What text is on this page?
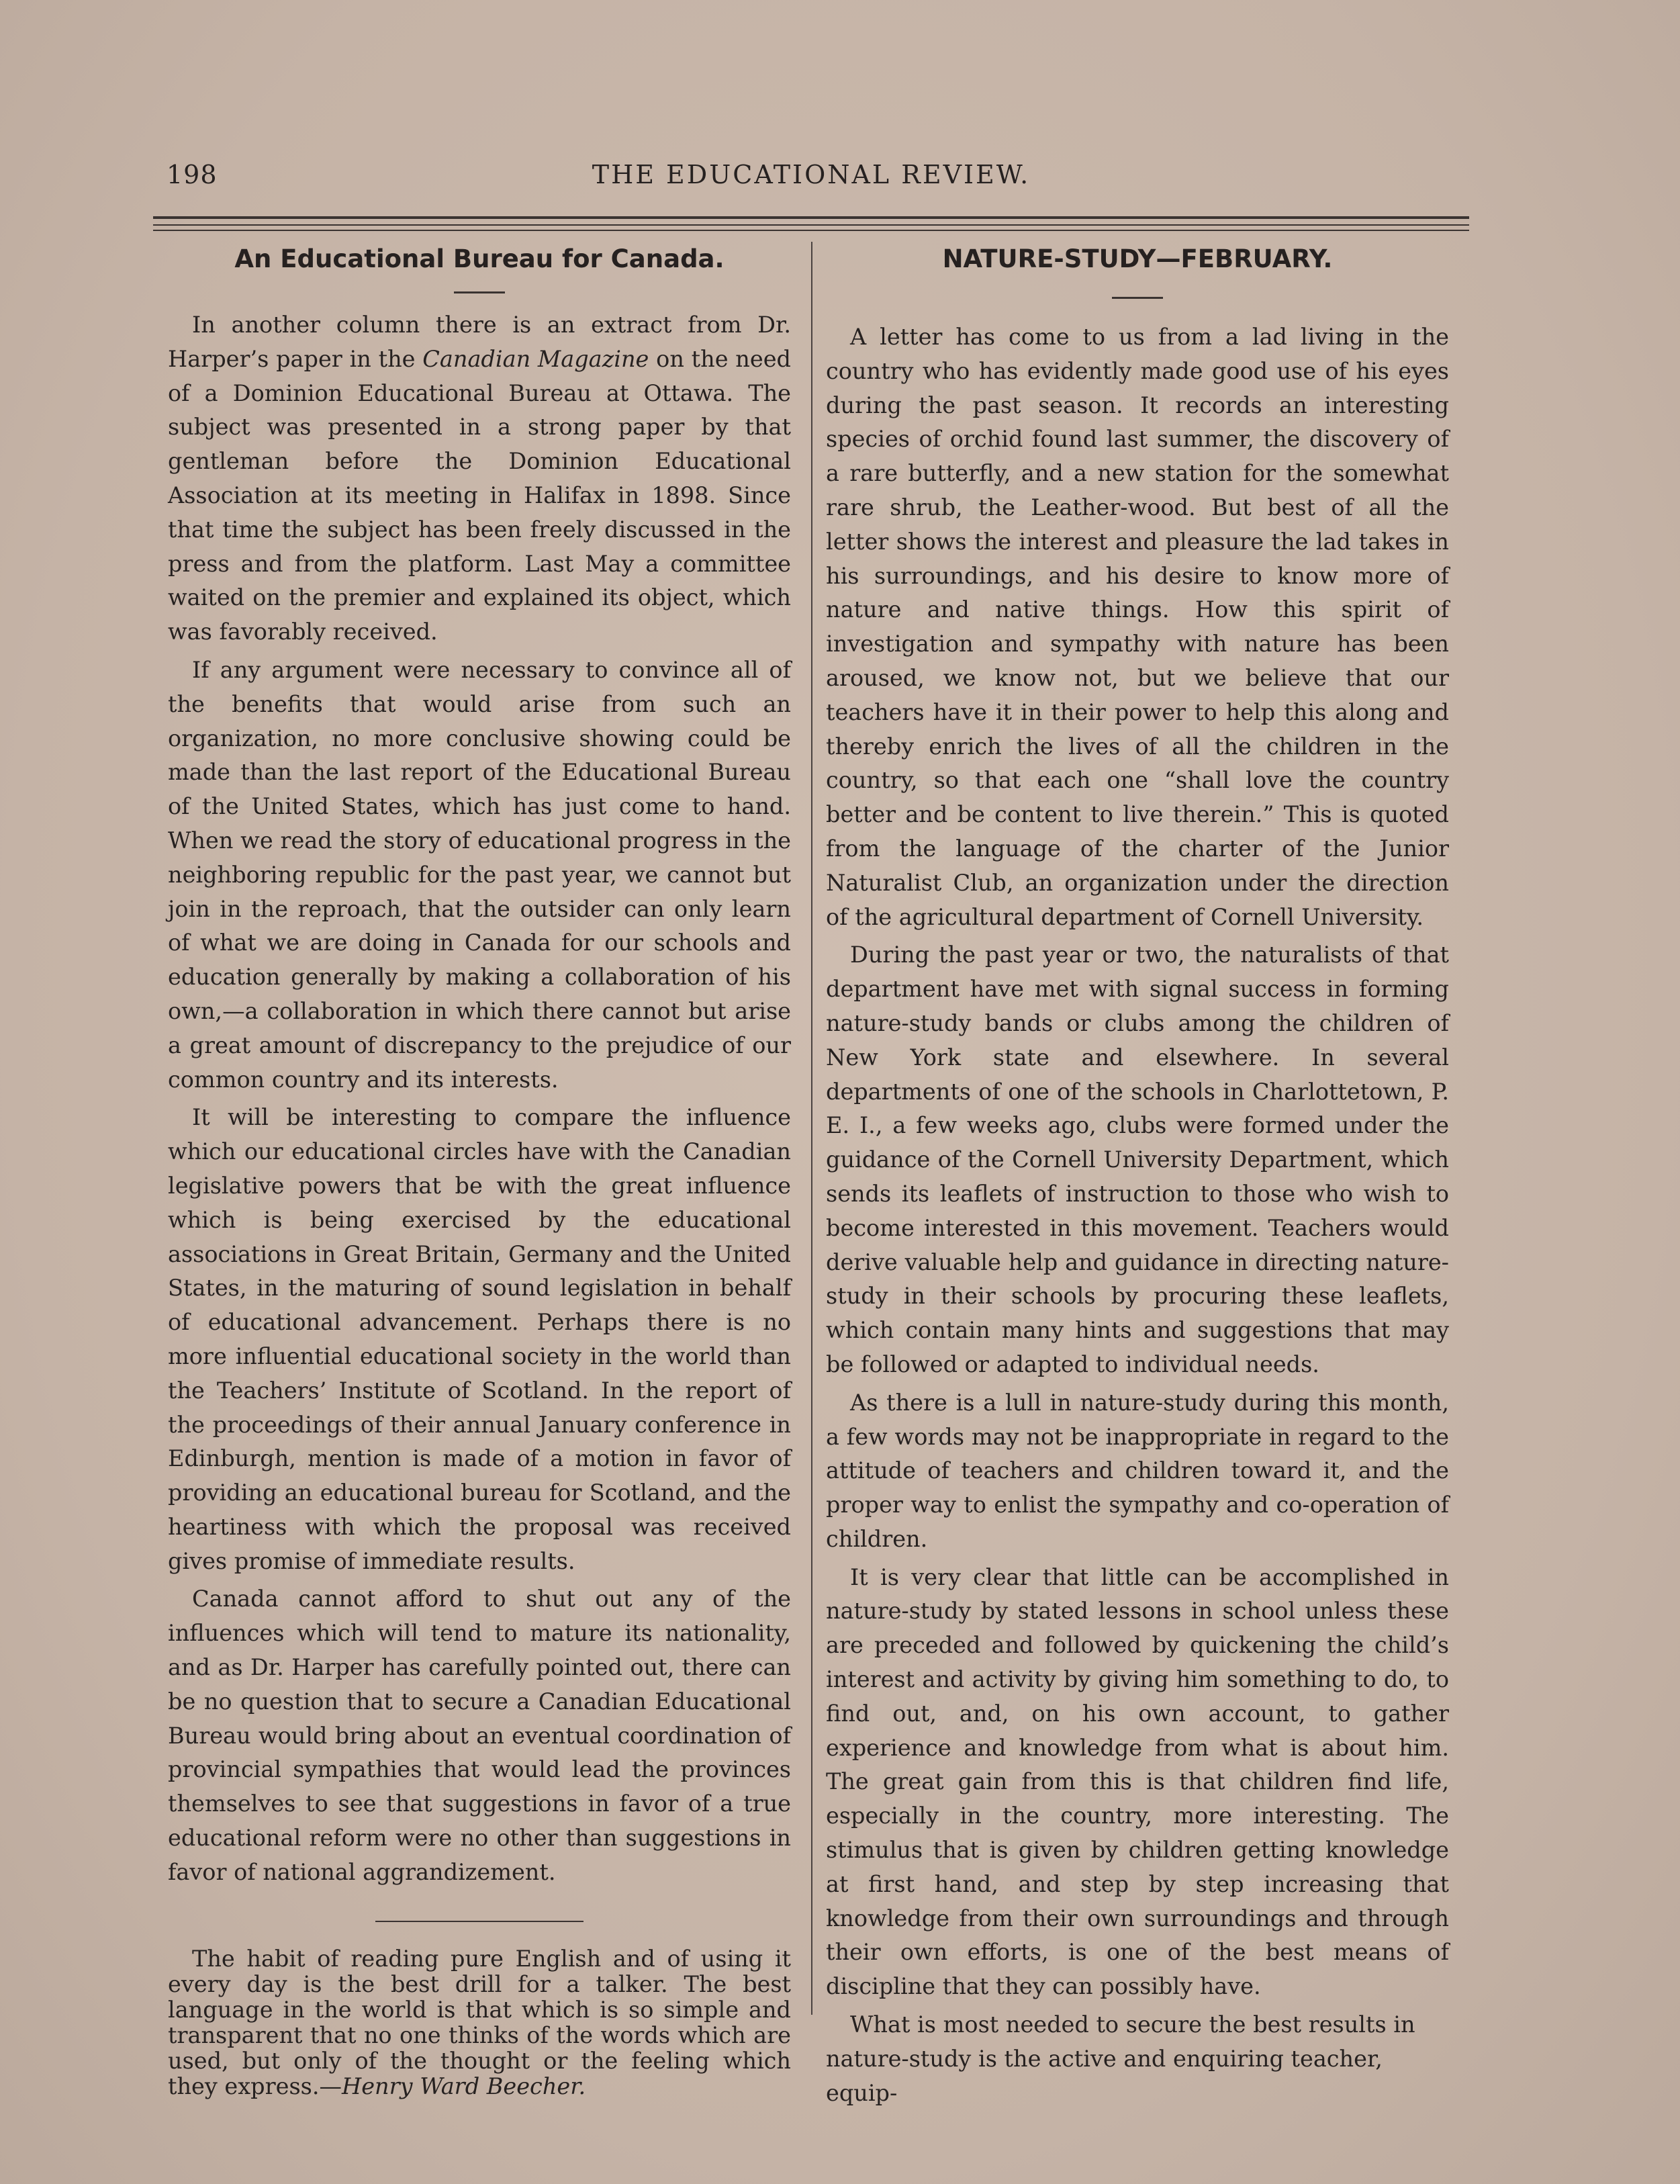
198	THE EDUCATIONAL REVIEW.
An Educational Bureau for Canada.

In another column there is an extract from Dr. Harper’s paper in the Canadian Magazine on the need of a Dominion Educational Bureau at Ottawa. The subject was presented in a strong paper by that gentleman before the Dominion Educational Association at its meeting in Halifax in 1898. Since that time the subject has been freely discussed in the press and from the platform. Last May a committee waited on the premier and explained its object, which was favorably received.

If any argument were necessary to convince all of the benefits that would arise from such an organization, no more conclusive showing could be made than the last report of the Educational Bureau of the United States, which has just come to hand. When we read the story of educational progress in the neighboring republic for the past year, we cannot but join in the reproach, that the outsider can only learn of what we are doing in Canada for our schools and education generally by making a collaboration of his own,—a collaboration in which there cannot but arise a great amount of discrepancy to the prejudice of our common country and its interests.

It will be interesting to compare the influence which our educational circles have with the Canadian legislative powers that be with the great influence which is being exercised by the educational associations in Great Britain, Germany and the United States, in the maturing of sound legislation in behalf of educational advancement. Perhaps there is no more influential educational society in the world than the Teachers’ Institute of Scotland. In the report of the proceedings of their annual January conference in Edinburgh, mention is made of a motion in favor of providing an educational bureau for Scotland, and the heartiness with which the proposal was received gives promise of immediate results.

Canada cannot afford to shut out any of the influences which will tend to mature its nationality, and as Dr. Harper has carefully pointed out, there can be no question that to secure a Canadian Educational Bureau would bring about an eventual coordination of provincial sympathies that would lead the provinces themselves to see that suggestions in favor of a true educational reform were no other than suggestions in favor of national aggrandizement.

The habit of reading pure English and of using it every day is the best drill for a talker. The best language in the world is that which is so simple and transparent that no one thinks of the words which are used, but only of the thought or the feeling which they express.—Henry Ward Beecher.

NATURE-STUDY—FEBRUARY.

A letter has come to us from a lad living in the country who has evidently made good use of his eyes during the past season. It records an interesting species of orchid found last summer, the discovery of a rare butterfly, and a new station for the somewhat rare shrub, the Leather-wood. But best of all the letter shows the interest and pleasure the lad takes in his surroundings, and his desire to know more of nature and native things. How this spirit of investigation and sympathy with nature has been aroused, we know not, but we believe that our teachers have it in their power to help this along and thereby enrich the lives of all the children in the country, so that each one “shall love the country better and be content to live therein.” This is quoted from the language of the charter of the Junior Naturalist Club, an organization under the direction of the agricultural department of Cornell University.

During the past year or two, the naturalists of that department have met with signal success in forming nature-study bands or clubs among the children of New York state and elsewhere. In several departments of one of the schools in Charlottetown, P. E. I., a few weeks ago, clubs were formed under the guidance of the Cornell University Department, which sends its leaflets of instruction to those who wish to become interested in this movement. Teachers would derive valuable help and guidance in directing nature-study in their schools by procuring these leaflets, which contain many hints and suggestions that may be followed or adapted to individual needs.

As there is a lull in nature-study during this month, a few words may not be inappropriate in regard to the attitude of teachers and children toward it, and the proper way to enlist the sympathy and co-operation of children.

It is very clear that little can be accomplished in nature-study by stated lessons in school unless these are preceded and followed by quickening the child’s interest and activity by giving him something to do, to find out, and, on his own account, to gather experience and knowledge from what is about him. The great gain from this is that children find life, especially in the country, more interesting. The stimulus that is given by children getting knowledge at first hand, and step by step increasing that knowledge from their own surroundings and through their own efforts, is one of the best means of discipline that they can possibly have.

What is most needed to secure the best results in nature-study is the active and enquiring teacher, equip-
